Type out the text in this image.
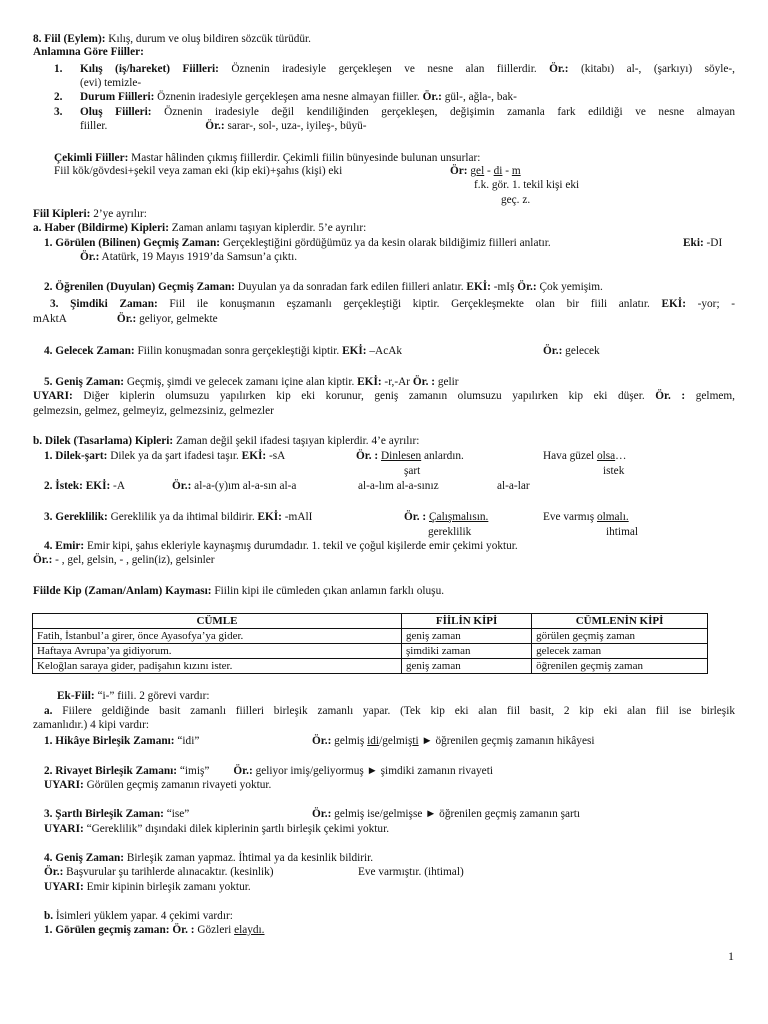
8. Fiil (Eylem): Kılış, durum ve oluş bildiren sözcük türüdür.
Anlamına Göre Fiiller:
1. Kılış (iş/hareket) Fiilleri: Öznenin iradesiyle gerçekleşen ve nesne alan fiillerdir. Ör.: (kitabı) al-, (şarkıyı) söyle-,
(evi) temizle-
2. Durum Fiilleri: Öznenin iradesiyle gerçekleşen ama nesne almayan fiiller. Ör.: gül-, ağla-, bak-
3. Oluş Fiilleri: Öznenin iradesiyle değil kendiliğinden gerçekleşen, değişimin zamanla fark edildiği ve nesne almayan
fiiller.	Ör.: sarar-, sol-, uza-, iyileş-, büyü-
Çekimli Fiiller: Mastar hâlinden çıkmış fiillerdir. Çekimli fiilin bünyesinde bulunan unsurlar:
Fiil kök/gövdesi+şekil veya zaman eki (kip eki)+şahıs (kişi) eki	Ör: gel - di - m
f.k. gör. 1. tekil kişi eki
geç. z.
Fiil Kipleri: 2’ye ayrılır:
a. Haber (Bildirme) Kipleri: Zaman anlamı taşıyan kiplerdir. 5’e ayrılır:
1. Görülen (Bilinen) Geçmiş Zaman: Gerçekleştiğini gördüğümüz ya da kesin olarak bildiğimiz fiilleri anlatır.	Eki: -DI
Ör.: Atatürk, 19 Mayıs 1919’da Samsun’a çıktı.
2. Öğrenilen (Duyulan) Geçmiş Zaman: Duyulan ya da sonradan fark edilen fiilleri anlatır. EKİ: -mIş Ör.: Çok yemişim.
3. Şimdiki Zaman: Fiil ile konuşmanın eşzamanlı gerçekleştiği kiptir. Gerçekleşmekte olan bir fiili anlatır. EKİ: -yor; -
mAktA	Ör.: geliyor, gelmekte
4. Gelecek Zaman: Fiilin konuşmadan sonra gerçekleştiği kiptir. EKİ: –AcAk	Ör.: gelecek
5. Geniş Zaman: Geçmiş, şimdi ve gelecek zamanı içine alan kiptir. EKİ: -r,-Ar Ör. : gelir
UYARI: Diğer kiplerin olumsuzu yapılırken kip eki korunur, geniş zamanın olumsuzu yapılırken kip eki düşer. Ör. : gelmem,
gelmezsin, gelmez, gelmeyiz, gelmezsiniz, gelmezler
b. Dilek (Tasarlama) Kipleri: Zaman değil şekil ifadesi taşıyan kiplerdir. 4’e ayrılır:
1. Dilek-şart: Dilek ya da şart ifadesi taşır. EKİ: -sA	Ör. : Dinlesen anlardın.	Hava güzel olsa…
şart	istek
2. İstek: EKİ: -A	Ör.: al-a-(y)ım al-a-sın al-a	al-a-lım al-a-sınız	al-a-lar
3. Gereklilik: Gereklilik ya da ihtimal bildirir. EKİ: -mAlI	Ör. : Çalışmalısın.	Eve varmış olmalı.
gereklilik	ihtimal
4. Emir: Emir kipi, şahıs ekleriyle kaynaşmış durumdadır. 1. tekil ve çoğul kişilerde emir çekimi yoktur.
Ör.: - , gel, gelsin, - , gelin(iz), gelsinler
Fiilde Kip (Zaman/Anlam) Kayması: Fiilin kipi ile cümleden çıkan anlamın farklı oluşu.
CÜMLE	FİİLİN KİPİ	CÜMLENİN KİPİ
Fatih, İstanbul’a girer, önce Ayasofya’ya gider.	geniş zaman	görülen geçmiş zaman
Haftaya Avrupa’ya gidiyorum.	şimdiki zaman	gelecek zaman
Keloğlan saraya gider, padişahın kızını ister.	geniş zaman	öğrenilen geçmiş zaman
Ek-Fiil: “i-” fiili. 2 görevi vardır:
a. Fiilere geldiğinde basit zamanlı fiilleri birleşik zamanlı yapar. (Tek kip eki alan fiil basit, 2 kip eki alan fiil ise birleşik
zamanlıdır.) 4 kipi vardır:
1. Hikâye Birleşik Zamanı: “idi”	Ör.: gelmiş idi/gelmişti ► öğrenilen geçmiş zamanın hikâyesi
2. Rivayet Birleşik Zamanı: “imiş” Ör.: geliyor imiş/geliyormuş ► şimdiki zamanın rivayeti
UYARI: Görülen geçmiş zamanın rivayeti yoktur.
3. Şartlı Birleşik Zaman: “ise”	Ör.: gelmiş ise/gelmişse ► öğrenilen geçmiş zamanın şartı
UYARI: “Gereklilik” dışındaki dilek kiplerinin şartlı birleşik çekimi yoktur.
4. Geniş Zaman: Birleşik zaman yapmaz. İhtimal ya da kesinlik bildirir.
Ör.: Başvurular şu tarihlerde alınacaktır. (kesinlik)	Eve varmıştır. (ihtimal)
UYARI: Emir kipinin birleşik zamanı yoktur.
b. İsimleri yüklem yapar. 4 çekimi vardır:
1. Görülen geçmiş zaman: Ör. : Gözleri elaydı.
1
